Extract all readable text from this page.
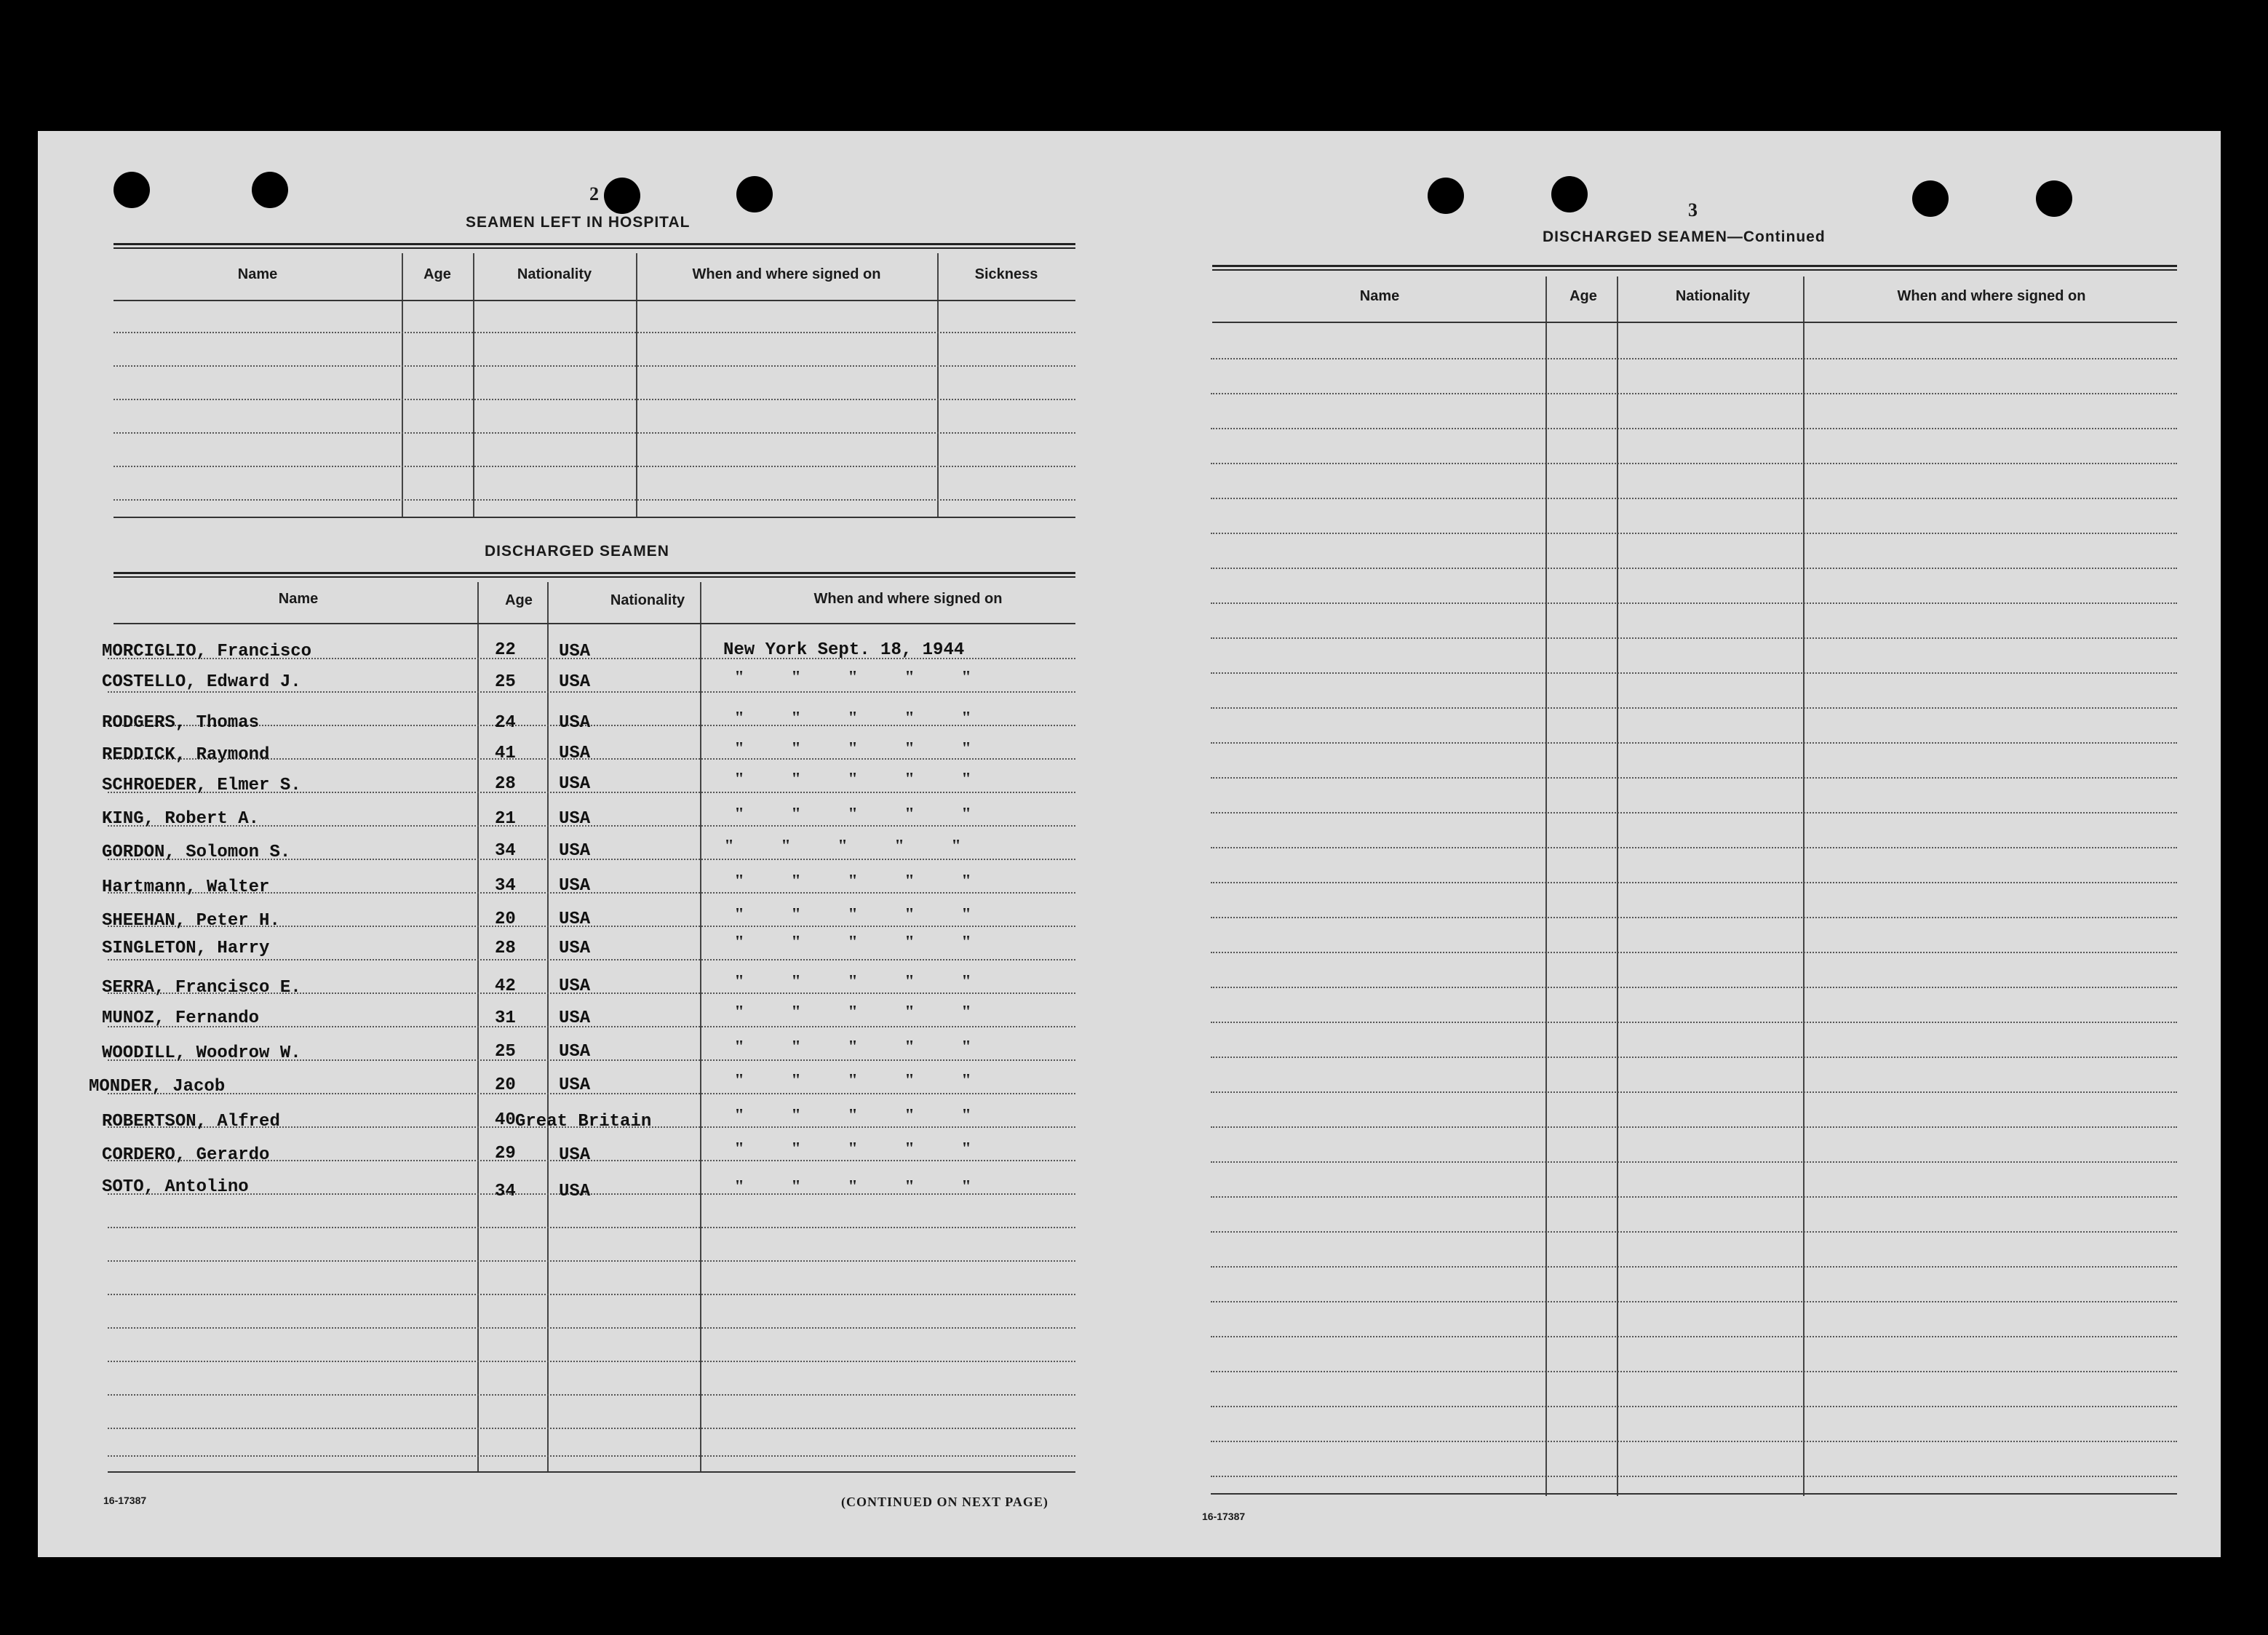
2
SEAMEN LEFT IN HOSPITAL
Name	Age	Nationality	When and where signed on	Sickness
DISCHARGED SEAMEN
Name	Age	Nationality	When and where signed on
MORCIGLIO, Francisco	22 USA	New York Sept. 18, 1944
COSTELLO, Edward J.	25 USA	"	"	"	"	"
RODGERS, Thomas	24 USA	"	"	"	"	"
REDDICK, Raymond	41 USA	"	"	"	"	"
SCHROEDER, Elmer S.	28 USA	"	"	"	"	"
KING, Robert A.	21 USA	"	"	"	"	"
GORDON, Solomon S.	34 USA	"	"	"	"	"
Hartmann, Walter	34 USA	"	"	"	"	"
SHEEHAN, Peter H.	20 USA	"	"	"	"	"
SINGLETON, Harry	28 USA	"	"	"	"	"
SERRA, Francisco E.	42 USA	"	"	"	"	"
MUNOZ, Fernando	31 USA	"	"	"	"	"
WOODILL, Woodrow W.	25 USA	"	"	"	"	"
MONDER, Jacob	20 USA	"	"	"	"	"
ROBERTSON, Alfred	40 Great Britain	"	"	"	"	"
CORDERO, Gerardo	29 USA	"	"	"	"	"
SOTO, Antolino	34 USA	"	"	"	"	"
16-17387	(CONTINUED ON NEXT PAGE)
3
DISCHARGED SEAMEN—Continued
Name	Age	Nationality	When and where signed on
16-17387
